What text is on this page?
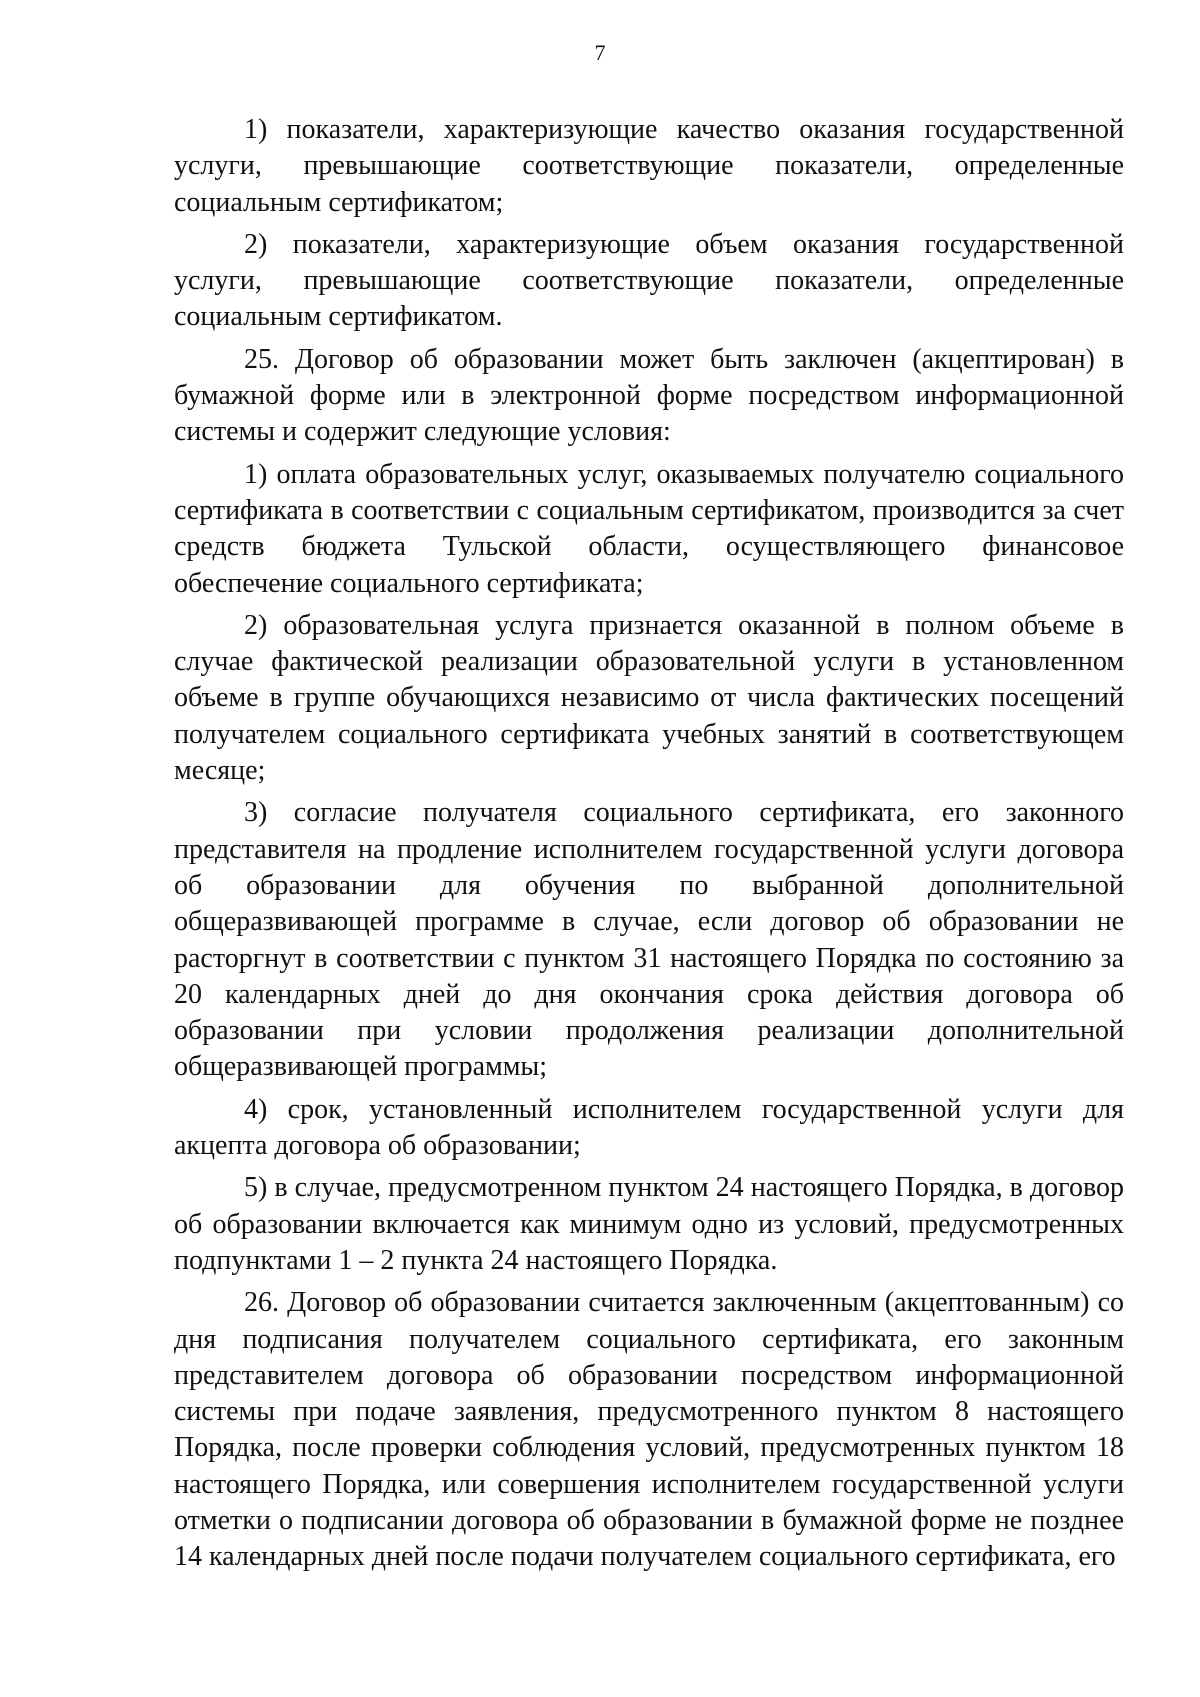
7

1) показатели, характеризующие качество оказания государственной услуги, превышающие соответствующие показатели, определенные социальным сертификатом;

2) показатели, характеризующие объем оказания государственной услуги, превышающие соответствующие показатели, определенные социальным сертификатом.

25. Договор об образовании может быть заключен (акцептирован) в бумажной форме или в электронной форме посредством информационной системы и содержит следующие условия:

1) оплата образовательных услуг, оказываемых получателю социального сертификата в соответствии с социальным сертификатом, производится за счет средств бюджета Тульской области, осуществляющего финансовое обеспечение социального сертификата;

2) образовательная услуга признается оказанной в полном объеме в случае фактической реализации образовательной услуги в установленном объеме в группе обучающихся независимо от числа фактических посещений получателем социального сертификата учебных занятий в соответствующем месяце;

3) согласие получателя социального сертификата, его законного представителя на продление исполнителем государственной услуги договора об образовании для обучения по выбранной дополнительной общеразвивающей программе в случае, если договор об образовании не расторгнут в соответствии с пунктом 31 настоящего Порядка по состоянию за 20 календарных дней до дня окончания срока действия договора об образовании при условии продолжения реализации дополнительной общеразвивающей программы;

4) срок, установленный исполнителем государственной услуги для акцепта договора об образовании;

5) в случае, предусмотренном пунктом 24 настоящего Порядка, в договор об образовании включается как минимум одно из условий, предусмотренных подпунктами 1 – 2 пункта 24 настоящего Порядка.

26. Договор об образовании считается заключенным (акцептованным) со дня подписания получателем социального сертификата, его законным представителем договора об образовании посредством информационной системы при подаче заявления, предусмотренного пунктом 8 настоящего Порядка, после проверки соблюдения условий, предусмотренных пунктом 18 настоящего Порядка, или совершения исполнителем государственной услуги отметки о подписании договора об образовании в бумажной форме не позднее 14 календарных дней после подачи получателем социального сертификата, его
